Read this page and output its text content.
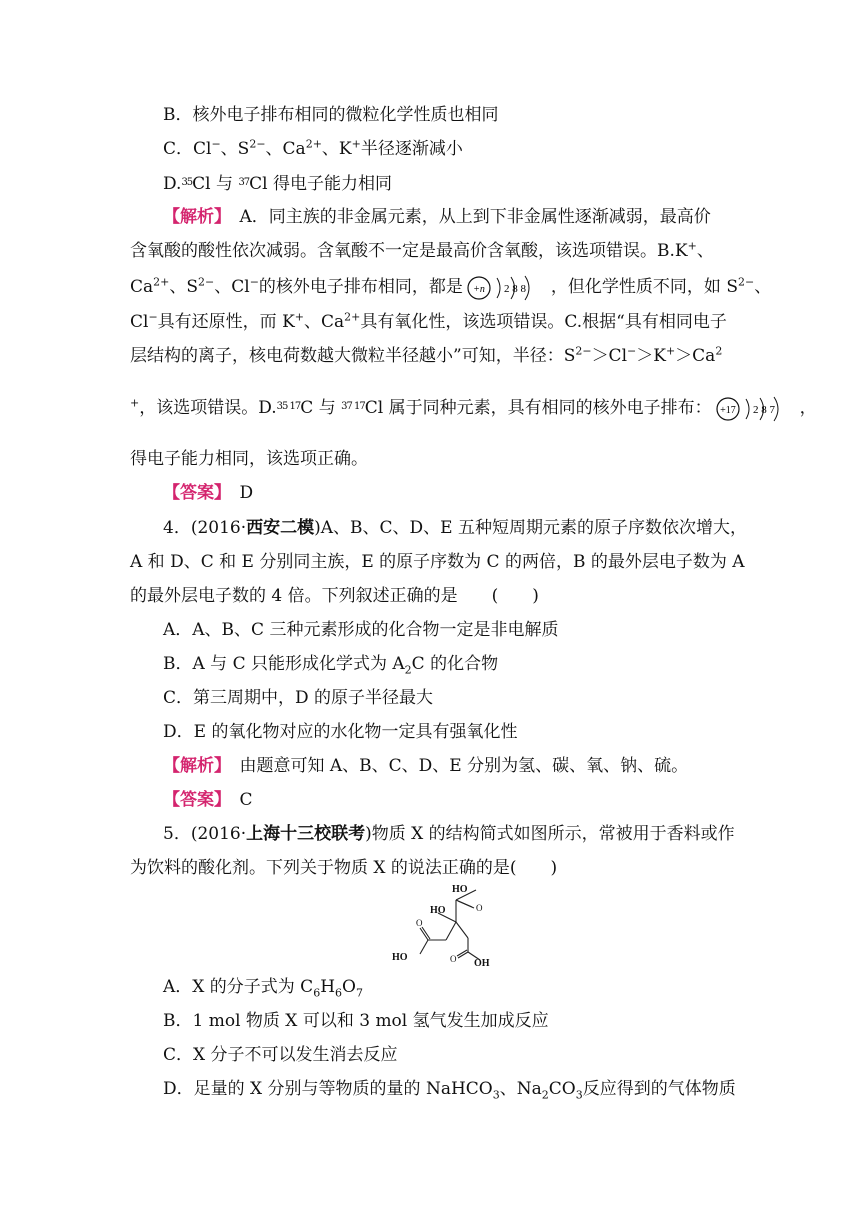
B．核外电子排布相同的微粒化学性质也相同
C．Cl−、$S^{2-}$、$Ca^{2+}$、K+半径逐渐减小
D.$^{35}$Cl 与 $^{37}$Cl 得电子能力相同
【解析】　 A．同主族的非金属元素，从上到下非金属性逐渐减弱，最高价
含氧酸的酸性依次减弱。含氧酸不一定是最高价含氧酸，该选项错误。B.K+、
$Ca^{2+}$、$S^{2-}$、Cl−的核外电子排布相同，都是 +n 2 8 8 ，但化学性质不同，如 $S^{2-}$、
Cl−具有还原性，而 K+、$Ca^{2+}$具有氧化性，该选项错误。C.根据“具有相同电子
层结构的离子，核电荷数越大微粒半径越小”可知，半径：$S^{2-}>Cl^->K^+>Ca^2$
+，该选项错误。D.$^{35 17}$C 与 $^{37 17}$Cl 属于同种元素，具有相同的核外电子排布： +17 2 8 7 ，
得电子能力相同，该选项正确。
【答案】　 D
4．(2016·西安二模)A、B、C、D、E 五种短周期元素的原子序数依次增大，
A 和 D、C 和 E 分别同主族，E 的原子序数为 C 的两倍，B 的最外层电子数为 A
的最外层电子数的 4 倍。下列叙述正确的是　　(　　)
A．A、B、C 三种元素形成的化合物一定是非电解质
B．A 与 C 只能形成化学式为 $A_2C$ 的化合物
C．第三周期中，D 的原子半径最大
D．E 的氧化物对应的水化物一定具有强氧化性
【解析】　 由题意可知 A、B、C、D、E 分别为氢、碳、氧、钠、硫。
【答案】　 C
5．(2016·上海十三校联考)物质 X 的结构简式如图所示，常被用于香料或作
为饮料的酸化剂。下列关于物质 X 的说法正确的是(　　)
HO
HO
HO
OH
O
O
O
A．X 的分子式为 $C_6H_6O_7$
B．1 mol 物质 X 可以和 3 mol 氢气发生加成反应
C．X 分子不可以发生消去反应
D．足量的 X 分别与等物质的量的 NaHCO$_3$、$Na_2CO_3$反应得到的气体物质
